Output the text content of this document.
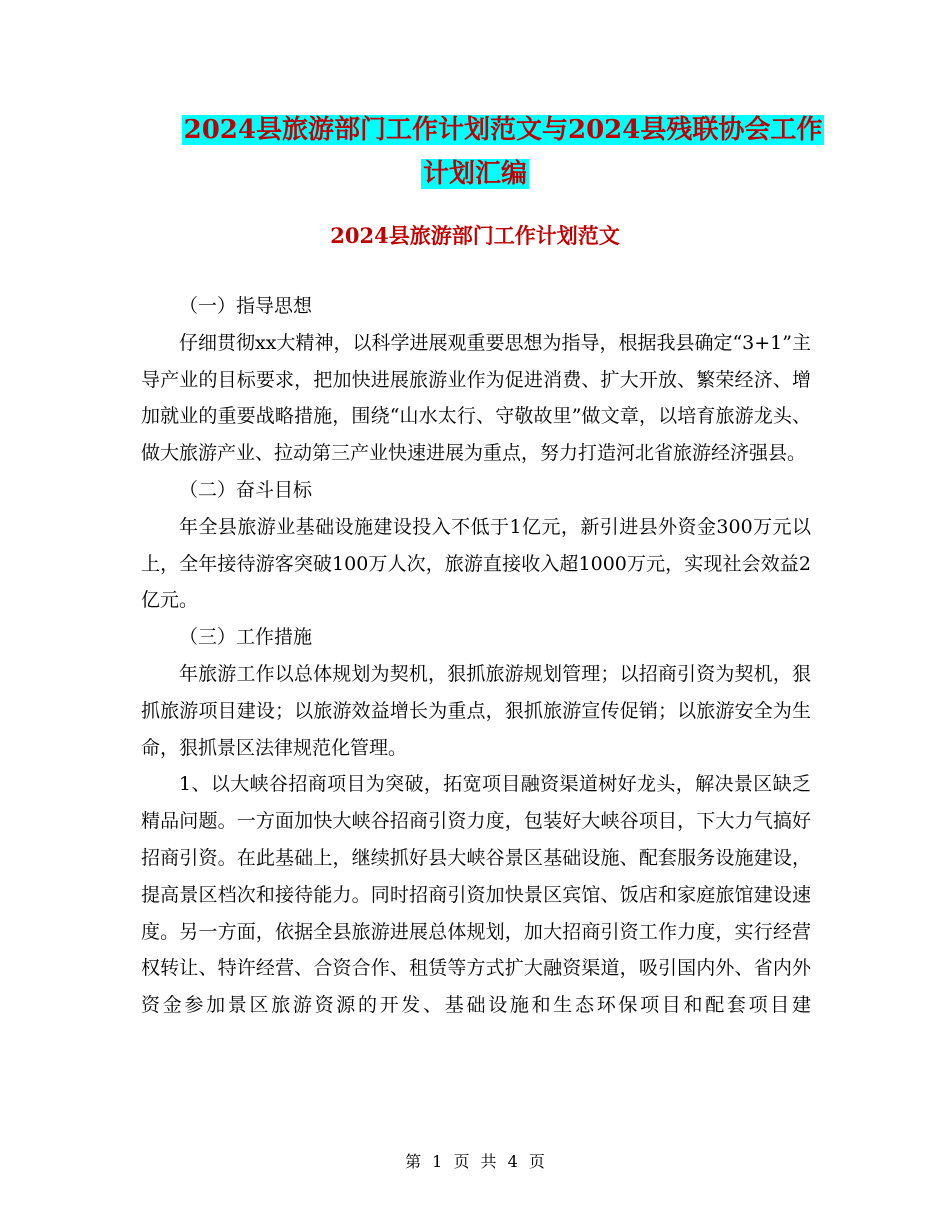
2024县旅游部门工作计划范文与2024县残联协会工作
计划汇编
2024县旅游部门工作计划范文

（一）指导思想

仔细贯彻xx大精神，以科学进展观重要思想为指导，根据我县确定“3+1”主导产业的目标要求，把加快进展旅游业作为促进消费、扩大开放、繁荣经济、增加就业的重要战略措施，围绕“山水太行、守敬故里”做文章，以培育旅游龙头、做大旅游产业、拉动第三产业快速进展为重点，努力打造河北省旅游经济强县。

（二）奋斗目标

年全县旅游业基础设施建设投入不低于1亿元，新引进县外资金300万元以上，全年接待游客突破100万人次，旅游直接收入超1000万元，实现社会效益2亿元。

（三）工作措施

年旅游工作以总体规划为契机，狠抓旅游规划管理；以招商引资为契机，狠抓旅游项目建设；以旅游效益增长为重点，狠抓旅游宣传促销；以旅游安全为生命，狠抓景区法律规范化管理。

1、以大峡谷招商项目为突破，拓宽项目融资渠道树好龙头，解决景区缺乏精品问题。一方面加快大峡谷招商引资力度，包装好大峡谷项目，下大力气搞好招商引资。在此基础上，继续抓好县大峡谷景区基础设施、配套服务设施建设，提高景区档次和接待能力。同时招商引资加快景区宾馆、饭店和家庭旅馆建设速度。另一方面，依据全县旅游进展总体规划，加大招商引资工作力度，实行经营权转让、特许经营、合资合作、租赁等方式扩大融资渠道，吸引国内外、省内外资金参加景区旅游资源的开发、基础设施和生态环保项目和配套项目建

第 1 页 共 4 页
